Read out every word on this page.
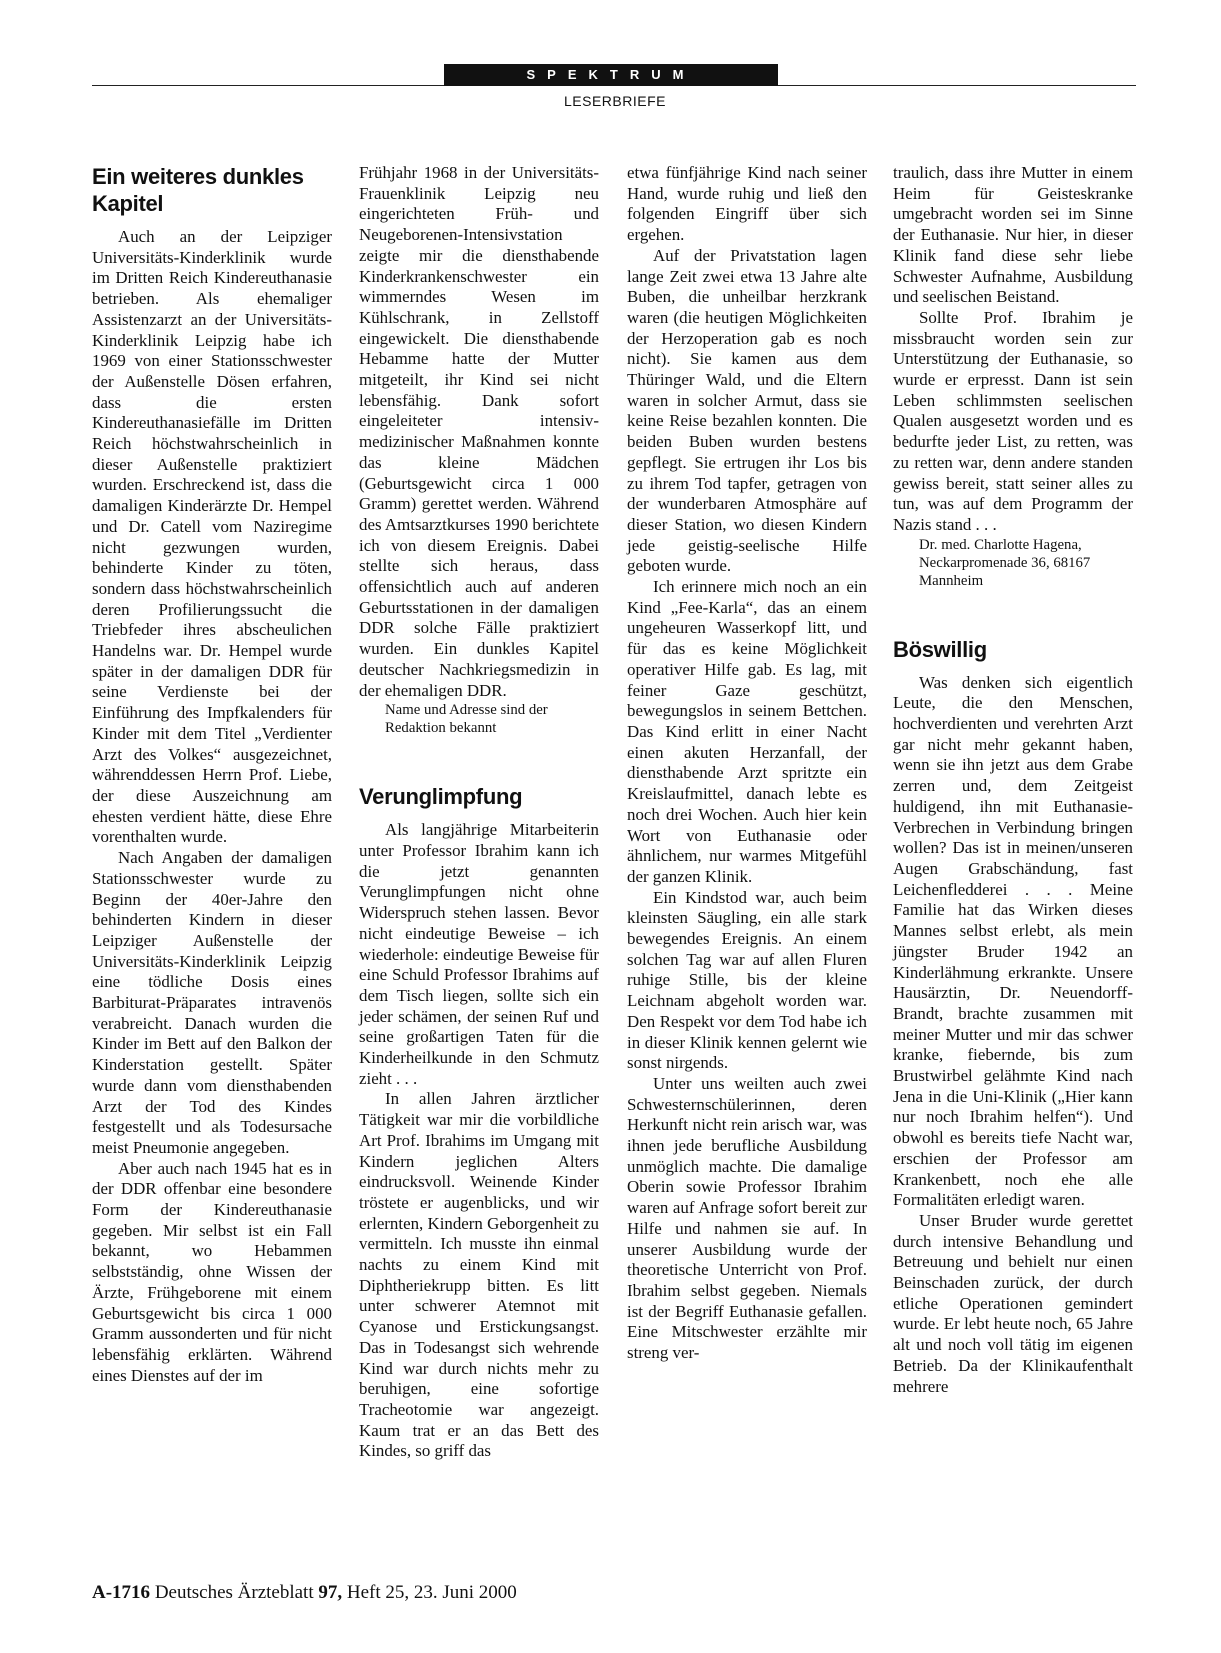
SPEKTRUM
LESERBRIEFE
Ein weiteres dunkles Kapitel

Auch an der Leipziger Universitäts-Kinderklinik wurde im Dritten Reich Kindereuthanasie betrieben. Als ehemaliger Assistenzarzt an der Universitäts-Kinderklinik Leipzig habe ich 1969 von einer Stationsschwester der Außenstelle Dösen erfahren, dass die ersten Kindereuthanasiefälle im Dritten Reich höchstwahrscheinlich in dieser Außenstelle praktiziert wurden. Erschreckend ist, dass die damaligen Kinderärzte Dr. Hempel und Dr. Catell vom Naziregime nicht gezwungen wurden, behinderte Kinder zu töten, sondern dass höchstwahrscheinlich deren Profilierungssucht die Triebfeder ihres abscheulichen Handelns war. Dr. Hempel wurde später in der damaligen DDR für seine Verdienste bei der Einführung des Impfkalenders für Kinder mit dem Titel „Verdienter Arzt des Volkes“ ausgezeichnet, währenddessen Herrn Prof. Liebe, der diese Auszeichnung am ehesten verdient hätte, diese Ehre vorenthalten wurde.

Nach Angaben der damaligen Stationsschwester wurde zu Beginn der 40er-Jahre den behinderten Kindern in dieser Leipziger Außenstelle der Universitäts-Kinderklinik Leipzig eine tödliche Dosis eines Barbiturat-Präparates intravenös verabreicht. Danach wurden die Kinder im Bett auf den Balkon der Kinderstation gestellt. Später wurde dann vom diensthabenden Arzt der Tod des Kindes festgestellt und als Todesursache meist Pneumonie angegeben.

Aber auch nach 1945 hat es in der DDR offenbar eine besondere Form der Kindereuthanasie gegeben. Mir selbst ist ein Fall bekannt, wo Hebammen selbstständig, ohne Wissen der Ärzte, Frühgeborene mit einem Geburtsgewicht bis circa 1 000 Gramm aussonderten und für nicht lebensfähig erklärten. Während eines Dienstes auf der im

Frühjahr 1968 in der Universitäts-Frauenklinik Leipzig neu eingerichteten Früh- und Neugeborenen-Intensivstation zeigte mir die diensthabende Kinderkrankenschwester ein wimmerndes Wesen im Kühlschrank, in Zellstoff eingewickelt. Die diensthabende Hebamme hatte der Mutter mitgeteilt, ihr Kind sei nicht lebensfähig. Dank sofort eingeleiteter intensiv-medizinischer Maßnahmen konnte das kleine Mädchen (Geburtsgewicht circa 1 000 Gramm) gerettet werden. Während des Amtsarztkurses 1990 berichtete ich von diesem Ereignis. Dabei stellte sich heraus, dass offensichtlich auch auf anderen Geburtsstationen in der damaligen DDR solche Fälle praktiziert wurden. Ein dunkles Kapitel deutscher Nachkriegsmedizin in der ehemaligen DDR.

Name und Adresse sind der Redaktion bekannt
Verunglimpfung

Als langjährige Mitarbeiterin unter Professor Ibrahim kann ich die jetzt genannten Verunglimpfungen nicht ohne Widerspruch stehen lassen. Bevor nicht eindeutige Beweise – ich wiederhole: eindeutige Beweise für eine Schuld Professor Ibrahims auf dem Tisch liegen, sollte sich ein jeder schämen, der seinen Ruf und seine großartigen Taten für die Kinderheilkunde in den Schmutz zieht . . .

In allen Jahren ärztlicher Tätigkeit war mir die vorbildliche Art Prof. Ibrahims im Umgang mit Kindern jeglichen Alters eindrucksvoll. Weinende Kinder tröstete er augenblicks, und wir erlernten, Kindern Geborgenheit zu vermitteln. Ich musste ihn einmal nachts zu einem Kind mit Diphtheriekrupp bitten. Es litt unter schwerer Atemnot mit Cyanose und Erstickungsangst. Das in Todesangst sich wehrende Kind war durch nichts mehr zu beruhigen, eine sofortige Tracheotomie war angezeigt. Kaum trat er an das Bett des Kindes, so griff das

etwa fünfjährige Kind nach seiner Hand, wurde ruhig und ließ den folgenden Eingriff über sich ergehen.

Auf der Privatstation lagen lange Zeit zwei etwa 13 Jahre alte Buben, die unheilbar herzkrank waren (die heutigen Möglichkeiten der Herzoperation gab es noch nicht). Sie kamen aus dem Thüringer Wald, und die Eltern waren in solcher Armut, dass sie keine Reise bezahlen konnten. Die beiden Buben wurden bestens gepflegt. Sie ertrugen ihr Los bis zu ihrem Tod tapfer, getragen von der wunderbaren Atmosphäre auf dieser Station, wo diesen Kindern jede geistig-seelische Hilfe geboten wurde.

Ich erinnere mich noch an ein Kind „Fee-Karla“, das an einem ungeheuren Wasserkopf litt, und für das es keine Möglichkeit operativer Hilfe gab. Es lag, mit feiner Gaze geschützt, bewegungslos in seinem Bettchen. Das Kind erlitt in einer Nacht einen akuten Herzanfall, der diensthabende Arzt spritzte ein Kreislaufmittel, danach lebte es noch drei Wochen. Auch hier kein Wort von Euthanasie oder ähnlichem, nur warmes Mitgefühl der ganzen Klinik.

Ein Kindstod war, auch beim kleinsten Säugling, ein alle stark bewegendes Ereignis. An einem solchen Tag war auf allen Fluren ruhige Stille, bis der kleine Leichnam abgeholt worden war. Den Respekt vor dem Tod habe ich in dieser Klinik kennen gelernt wie sonst nirgends.

Unter uns weilten auch zwei Schwesternschülerinnen, deren Herkunft nicht rein arisch war, was ihnen jede berufliche Ausbildung unmöglich machte. Die damalige Oberin sowie Professor Ibrahim waren auf Anfrage sofort bereit zur Hilfe und nahmen sie auf. In unserer Ausbildung wurde der theoretische Unterricht von Prof. Ibrahim selbst gegeben. Niemals ist der Begriff Euthanasie gefallen. Eine Mitschwester erzählte mir streng ver-

traulich, dass ihre Mutter in einem Heim für Geisteskranke umgebracht worden sei im Sinne der Euthanasie. Nur hier, in dieser Klinik fand diese sehr liebe Schwester Aufnahme, Ausbildung und seelischen Beistand.

Sollte Prof. Ibrahim je missbraucht worden sein zur Unterstützung der Euthanasie, so wurde er erpresst. Dann ist sein Leben schlimmsten seelischen Qualen ausgesetzt worden und es bedurfte jeder List, zu retten, was zu retten war, denn andere standen gewiss bereit, statt seiner alles zu tun, was auf dem Programm der Nazis stand . . .

Dr. med. Charlotte Hagena, Neckarpromenade 36, 68167 Mannheim
Böswillig

Was denken sich eigentlich Leute, die den Menschen, hochverdienten und verehrten Arzt gar nicht mehr gekannt haben, wenn sie ihn jetzt aus dem Grabe zerren und, dem Zeitgeist huldigend, ihn mit Euthanasie-Verbrechen in Verbindung bringen wollen? Das ist in meinen/unseren Augen Grabschändung, fast Leichenfledderei . . . Meine Familie hat das Wirken dieses Mannes selbst erlebt, als mein jüngster Bruder 1942 an Kinderlähmung erkrankte. Unsere Hausärztin, Dr. Neuendorff-Brandt, brachte zusammen mit meiner Mutter und mir das schwer kranke, fiebernde, bis zum Brustwirbel gelähmte Kind nach Jena in die Uni-Klinik („Hier kann nur noch Ibrahim helfen“). Und obwohl es bereits tiefe Nacht war, erschien der Professor am Krankenbett, noch ehe alle Formalitäten erledigt waren.

Unser Bruder wurde gerettet durch intensive Behandlung und Betreuung und behielt nur einen Beinschaden zurück, der durch etliche Operationen gemindert wurde. Er lebt heute noch, 65 Jahre alt und noch voll tätig im eigenen Betrieb. Da der Klinikaufenthalt mehrere

A-1716 Deutsches Ärzteblatt 97, Heft 25, 23. Juni 2000
